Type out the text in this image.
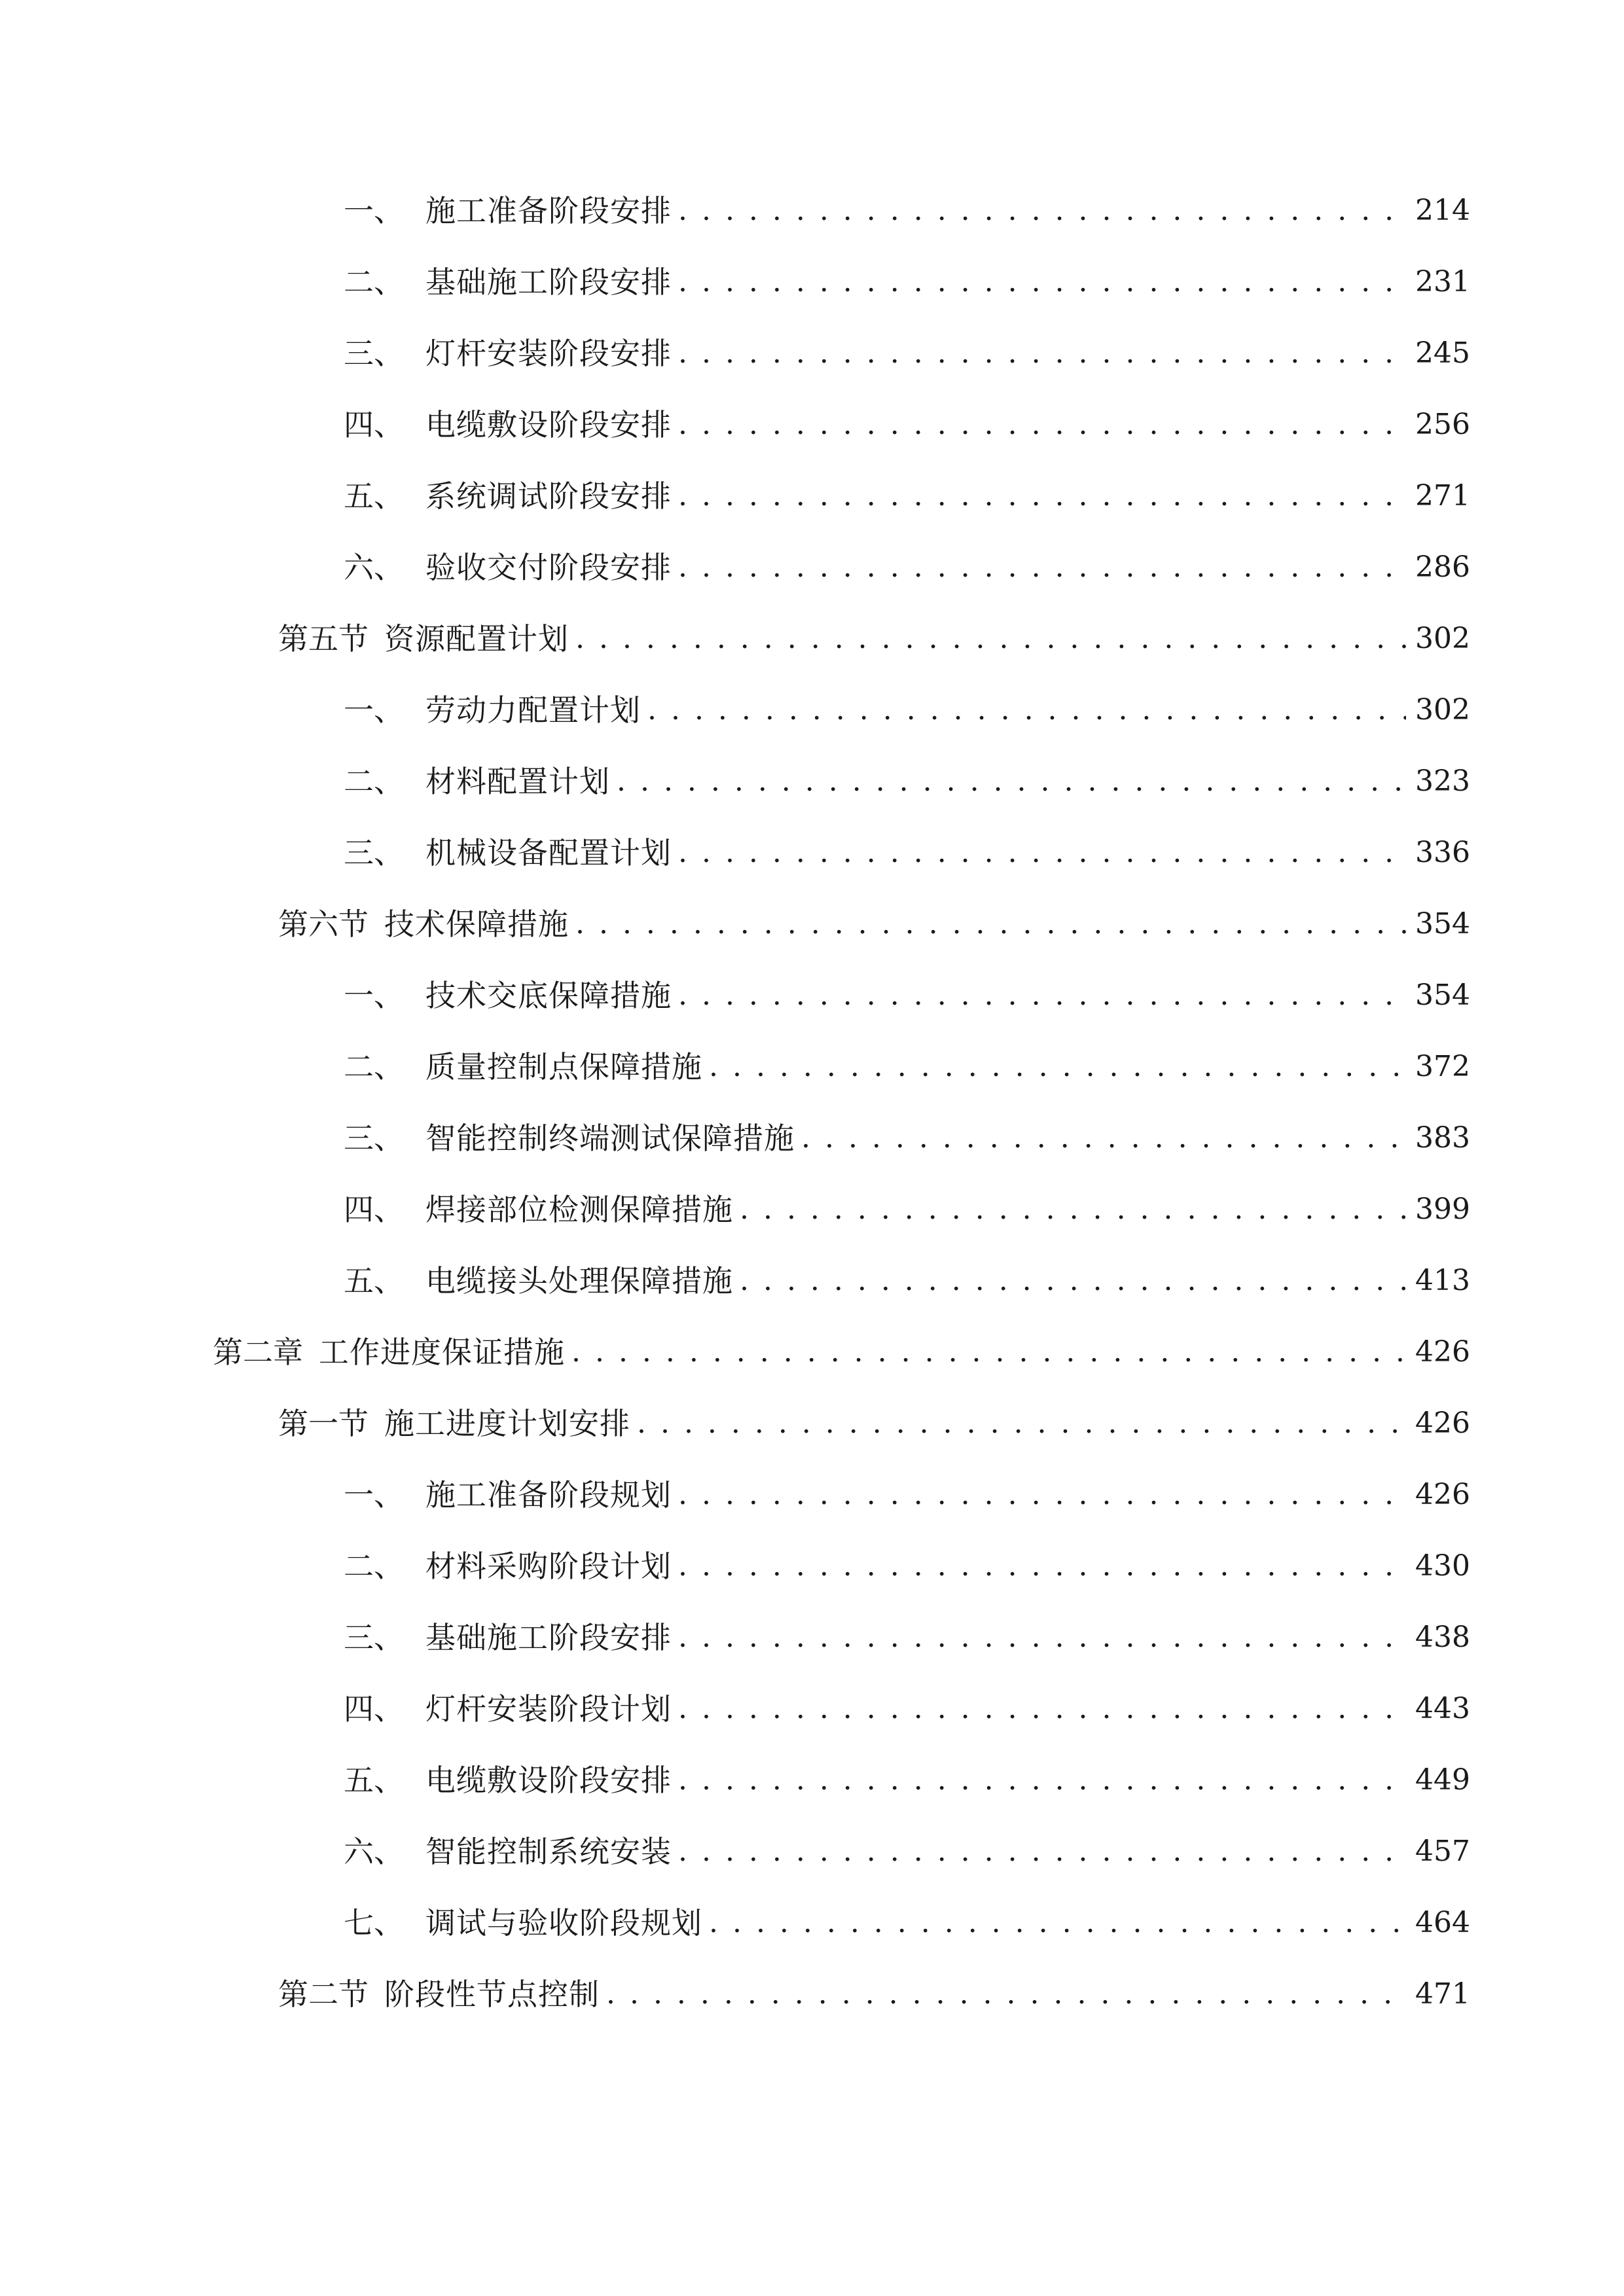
一、 施工准备阶段安排 . . .	214
二、 基础施工阶段安排 . . .	231
三、 灯杆安装阶段安排 . . .	245
四、 电缆敷设阶段安排 . . .	256
五、 系统调试阶段安排 . . .	271
六、 验收交付阶段安排 . . .	286
第五节 资源配置计划 . . .	302
一、 劳动力配置计划 . . .	302
二、 材料配置计划 . . .	323
三、 机械设备配置计划 . . .	336
第六节 技术保障措施 . . .	354
一、 技术交底保障措施 . . .	354
二、 质量控制点保障措施 . . .	372
三、 智能控制终端测试保障措施 . . .	383
四、 焊接部位检测保障措施 . . .	399
五、 电缆接头处理保障措施 . . .	413
第二章 工作进度保证措施 . . .	426
第一节 施工进度计划安排 . . .	426
一、 施工准备阶段规划 . . .	426
二、 材料采购阶段计划 . . .	430
三、 基础施工阶段安排 . . .	438
四、 灯杆安装阶段计划 . . .	443
五、 电缆敷设阶段安排 . . .	449
六、 智能控制系统安装 . . .	457
七、 调试与验收阶段规划 . . .	464
第二节 阶段性节点控制 . . .	471
